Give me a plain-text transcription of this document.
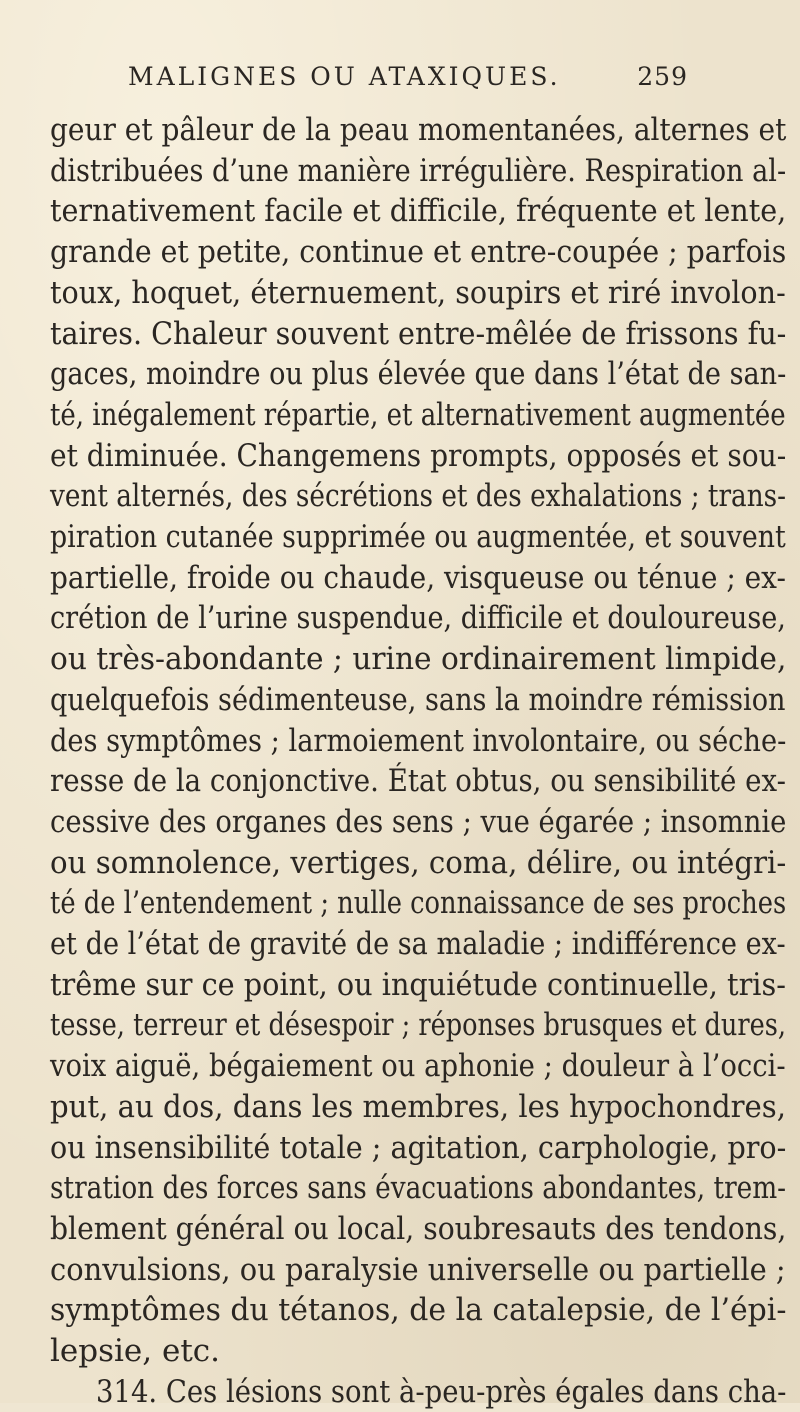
MALIGNES OU ATAXIQUES.	259
geur et pâleur de la peau momentanées, alternes et
distribuées d’une manière irrégulière. Respiration al-
ternativement facile et difficile, fréquente et lente,
grande et petite, continue et entre-coupée ; parfois
toux, hoquet, éternuement, soupirs et riré involon-
taires. Chaleur souvent entre-mêlée de frissons fu-
gaces, moindre ou plus élevée que dans l’état de san-
té, inégalement répartie, et alternativement augmentée
et diminuée. Changemens prompts, opposés et sou-
vent alternés, des sécrétions et des exhalations ; trans-
piration cutanée supprimée ou augmentée, et souvent
partielle, froide ou chaude, visqueuse ou ténue ; ex-
crétion de l’urine suspendue, difficile et douloureuse,
ou très-abondante ; urine ordinairement limpide,
quelquefois sédimenteuse, sans la moindre rémission
des symptômes ; larmoiement involontaire, ou séche-
resse de la conjonctive. État obtus, ou sensibilité ex-
cessive des organes des sens ; vue égarée ; insomnie
ou somnolence, vertiges, coma, délire, ou intégri-
té de l’entendement ; nulle connaissance de ses proches
et de l’état de gravité de sa maladie ; indifférence ex-
trême sur ce point, ou inquiétude continuelle, tris-
tesse, terreur et désespoir ; réponses brusques et dures,
voix aiguë, bégaiement ou aphonie ; douleur à l’occi-
put, au dos, dans les membres, les hypochondres,
ou insensibilité totale ; agitation, carphologie, pro-
stration des forces sans évacuations abondantes, trem-
blement général ou local, soubresauts des tendons,
convulsions, ou paralysie universelle ou partielle ;
symptômes du tétanos, de la catalepsie, de l’épi-
lepsie, etc.
314. Ces lésions sont à-peu-près égales dans cha-
